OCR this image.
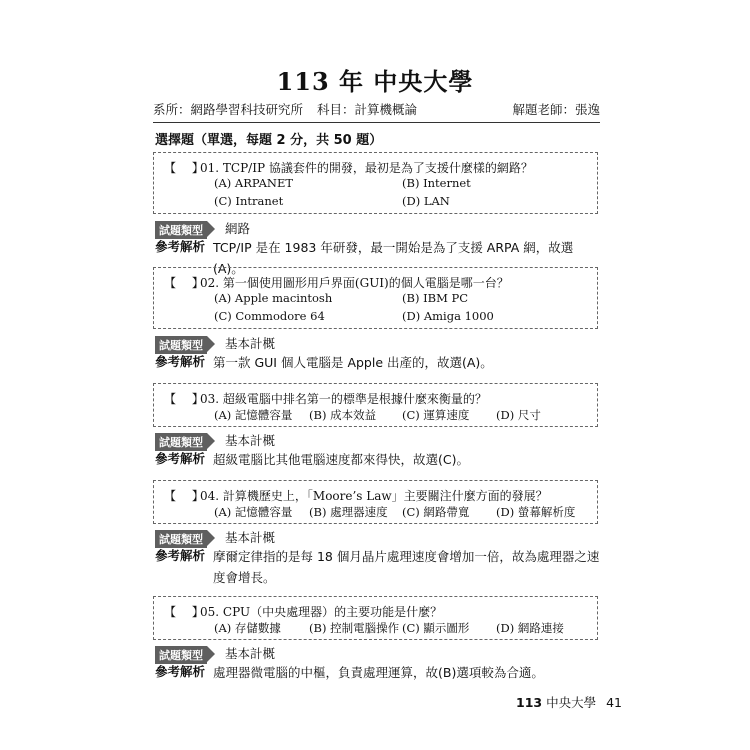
113 年 中央大學
系所：網路學習科技研究所 科目：計算機概論	解題老師：張逸
選擇題（單選，每題 2 分，共 50 題）
【　 】01. TCP/IP 協議套件的開發，最初是為了支援什麼樣的網路？
(A) ARPANET	(B) Internet
(C) Intranet	(D) LAN
試題類型 網路
參考解析 TCP/IP 是在 1983 年研發，最一開始是為了支援 ARPA 網，故選(A)。
【　 】02. 第一個使用圖形用戶界面(GUI)的個人電腦是哪一台？
(A) Apple macintosh	(B) IBM PC
(C) Commodore 64	(D) Amiga 1000
試題類型 基本計概
參考解析 第一款 GUI 個人電腦是 Apple 出產的，故選(A)。
【　 】03. 超級電腦中排名第一的標準是根據什麼來衡量的？
(A) 記憶體容量 (B) 成本效益 (C) 運算速度 (D) 尺寸
試題類型 基本計概
參考解析 超級電腦比其他電腦速度都來得快，故選(C)。
【　 】04. 計算機歷史上，「Moore’s Law」主要關注什麼方面的發展？
(A) 記憶體容量 (B) 處理器速度 (C) 網路帶寬 (D) 螢幕解析度
試題類型 基本計概
參考解析 摩爾定律指的是每 18 個月晶片處理速度會增加一倍，故為處理器之速度會增長。
【　 】05. CPU（中央處理器）的主要功能是什麼？
(A) 存儲數據 (B) 控制電腦操作 (C) 顯示圖形 (D) 網路連接
試題類型 基本計概
參考解析 處理器微電腦的中樞，負責處理運算，故(B)選項較為合適。
113 中央大學 41
